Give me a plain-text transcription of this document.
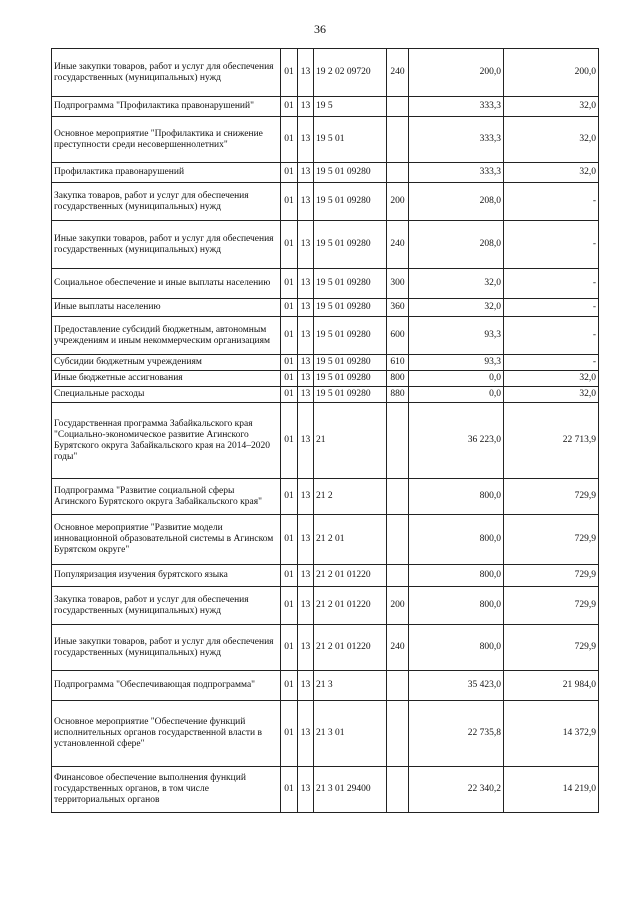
36
Иные закупки товаров, работ и услуг для обеспечения государственных (муниципальных) нужд	01	13	19 2 02 09720	240	200,0	200,0
Подпрограмма "Профилактика правонарушений"	01	13	19 5		333,3	32,0
Основное мероприятие "Профилактика и снижение преступности среди несовершеннолетних"	01	13	19 5 01		333,3	32,0
Профилактика правонарушений	01	13	19 5 01 09280		333,3	32,0
Закупка товаров, работ и услуг для обеспечения государственных (муниципальных) нужд	01	13	19 5 01 09280	200	208,0	-
Иные закупки товаров, работ и услуг для обеспечения государственных (муниципальных) нужд	01	13	19 5 01 09280	240	208,0	-
Социальное обеспечение и иные выплаты населению	01	13	19 5 01 09280	300	32,0	-
Иные выплаты населению	01	13	19 5 01 09280	360	32,0	-
Предоставление субсидий бюджетным, автономным учреждениям и иным некоммерческим организациям	01	13	19 5 01 09280	600	93,3	-
Субсидии бюджетным учреждениям	01	13	19 5 01 09280	610	93,3	-
Иные бюджетные ассигнования	01	13	19 5 01 09280	800	0,0	32,0
Специальные расходы	01	13	19 5 01 09280	880	0,0	32,0
Государственная программа Забайкальского края "Социально-экономическое развитие Агинского Бурятского округа Забайкальского края на 2014–2020 годы"	01	13	21		36 223,0	22 713,9
Подпрограмма "Развитие социальной сферы Агинского Бурятского округа Забайкальского края"	01	13	21 2		800,0	729,9
Основное мероприятие "Развитие модели инновационной образовательной системы в Агинском Бурятском округе"	01	13	21 2 01		800,0	729,9
Популяризация изучения бурятского языка	01	13	21 2 01 01220		800,0	729,9
Закупка товаров, работ и услуг для обеспечения государственных (муниципальных) нужд	01	13	21 2 01 01220	200	800,0	729,9
Иные закупки товаров, работ и услуг для обеспечения государственных (муниципальных) нужд	01	13	21 2 01 01220	240	800,0	729,9
Подпрограмма "Обеспечивающая подпрограмма"	01	13	21 3		35 423,0	21 984,0
Основное мероприятие "Обеспечение функций исполнительных органов государственной власти в установленной сфере"	01	13	21 3 01		22 735,8	14 372,9
Финансовое обеспечение выполнения функций государственных органов, в том числе территориальных органов	01	13	21 3 01 29400		22 340,2	14 219,0
